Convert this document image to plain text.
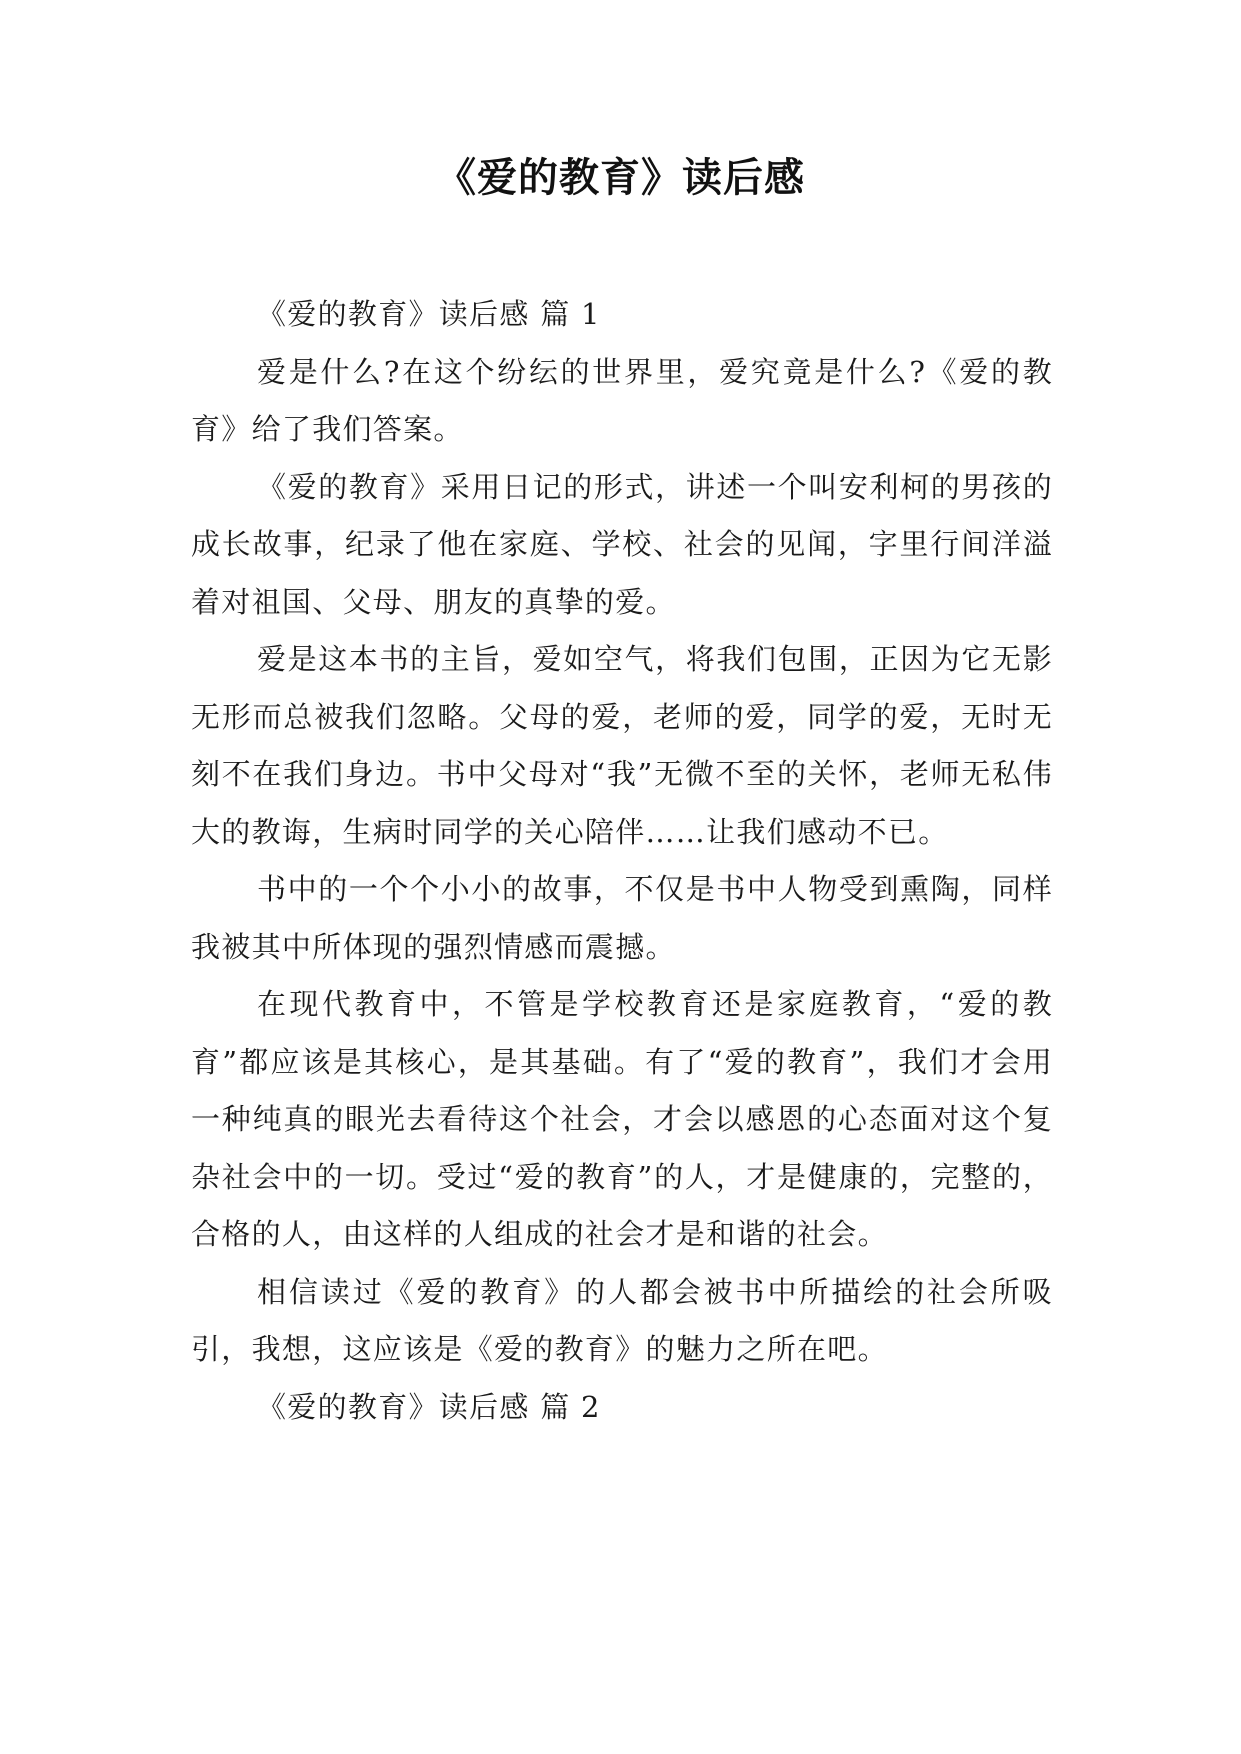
《爱的教育》读后感

《爱的教育》读后感 篇 1

爱是什么?在这个纷纭的世界里，爱究竟是什么?《爱的教育》给了我们答案。

《爱的教育》采用日记的形式，讲述一个叫安利柯的男孩的成长故事，纪录了他在家庭、学校、社会的见闻，字里行间洋溢着对祖国、父母、朋友的真挚的爱。

爱是这本书的主旨，爱如空气，将我们包围，正因为它无影无形而总被我们忽略。父母的爱，老师的爱，同学的爱，无时无刻不在我们身边。书中父母对“我”无微不至的关怀，老师无私伟大的教诲，生病时同学的关心陪伴……让我们感动不已。

书中的一个个小小的故事，不仅是书中人物受到熏陶，同样我被其中所体现的强烈情感而震撼。

在现代教育中，不管是学校教育还是家庭教育，“爱的教育”都应该是其核心，是其基础。有了“爱的教育”，我们才会用一种纯真的眼光去看待这个社会，才会以感恩的心态面对这个复杂社会中的一切。受过“爱的教育”的人，才是健康的，完整的，合格的人，由这样的人组成的社会才是和谐的社会。

相信读过《爱的教育》的人都会被书中所描绘的社会所吸引，我想，这应该是《爱的教育》的魅力之所在吧。

《爱的教育》读后感 篇 2
